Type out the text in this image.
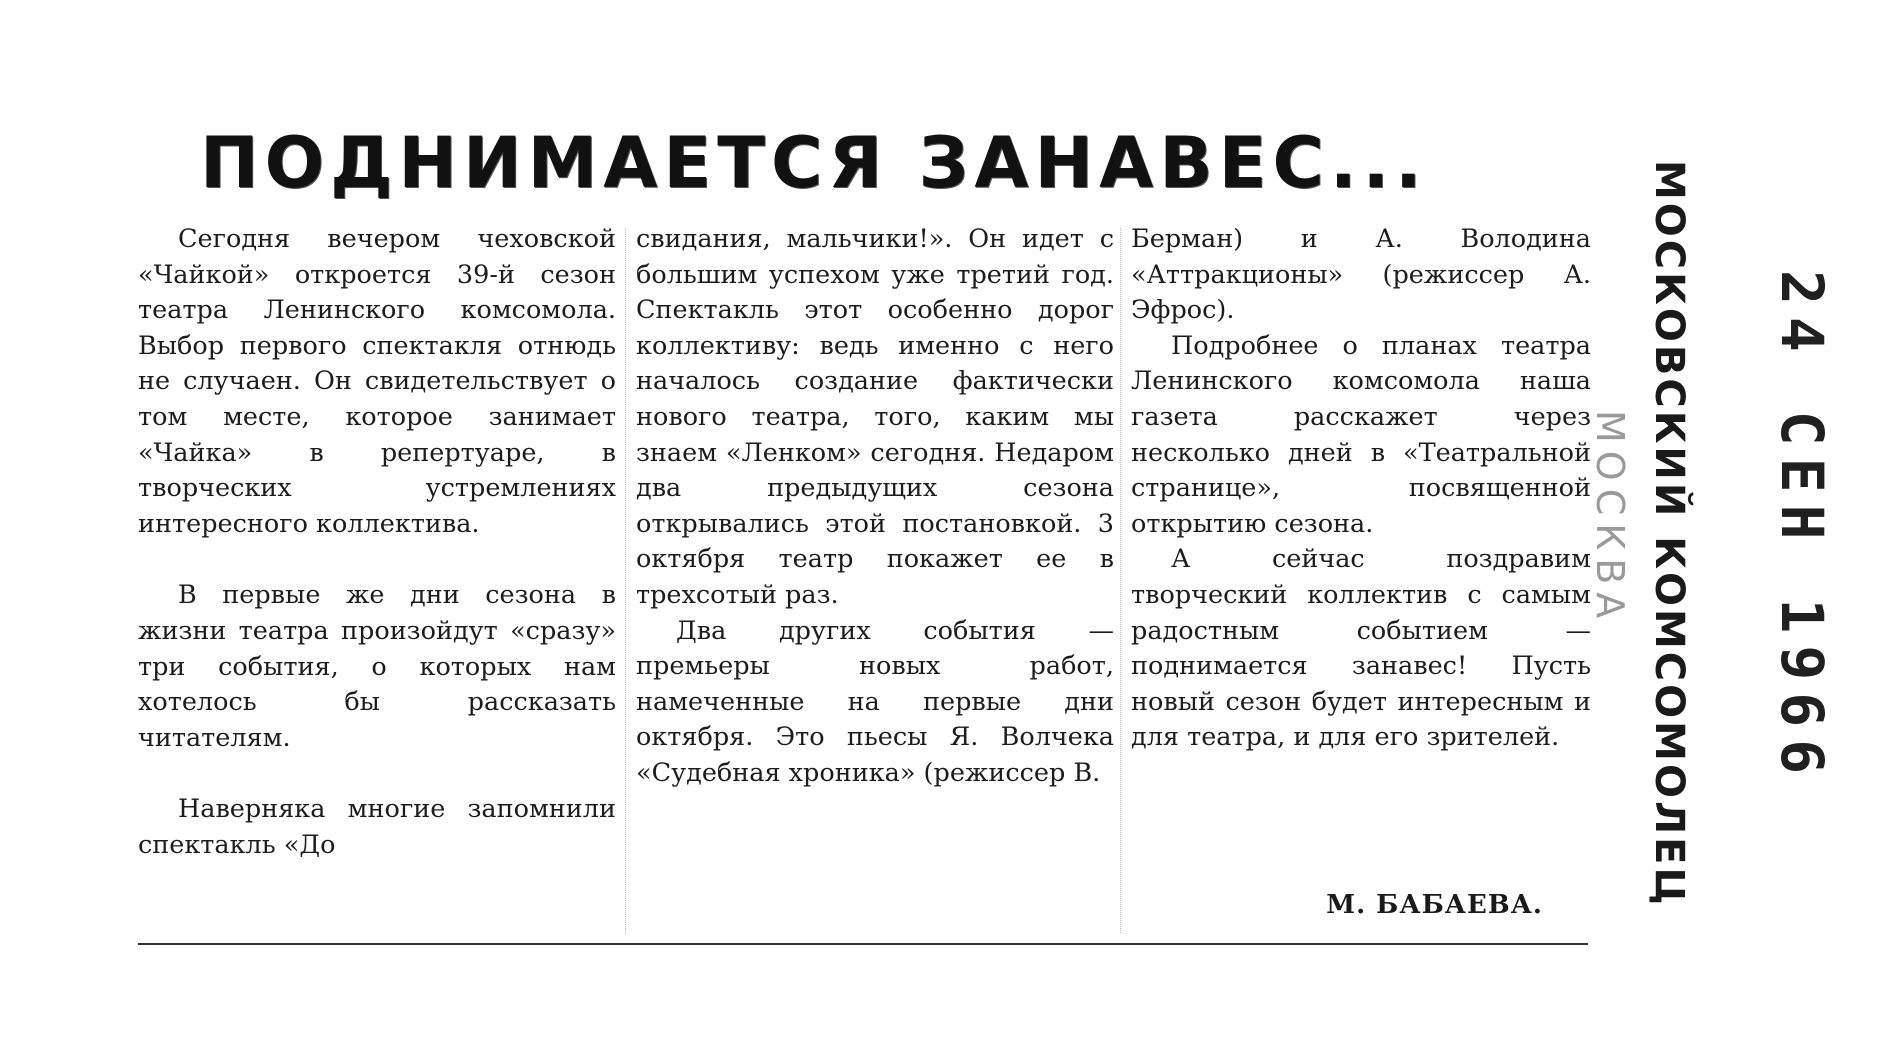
ПОДНИМАЕТСЯ ЗАНАВЕС...

Сегодня вечером чеховской «Чайкой» откроется 39-й сезон театра Ленинского комсомола. Выбор первого спектакля отнюдь не случаен. Он свидетельствует о том месте, которое занимает «Чайка» в репертуаре, в творческих устремлениях интересного коллектива.

В первые же дни сезона в жизни театра произойдут «сразу» три события, о которых нам хотелось бы рассказать читателям.

Наверняка многие запомнили спектакль «До

свидания, мальчики!». Он идет с большим успехом уже третий год. Спектакль этот особенно дорог коллективу: ведь именно с него началось создание фактически нового театра, того, каким мы знаем «Ленком» сегодня. Недаром два предыдущих сезона открывались этой постановкой. 3 октября театр покажет ее в трехсотый раз.

Два других события — премьеры новых работ, намеченные на первые дни октября. Это пьесы Я. Волчека «Судебная хроника» (режиссер В.

Берман) и А. Володина «Аттракционы» (режиссер А. Эфрос).

Подробнее о планах театра Ленинского комсомола наша газета расскажет через несколько дней в «Театральной странице», посвященной открытию сезона.

А сейчас поздравим творческий коллектив с самым радостным событием — поднимается занавес! Пусть новый сезон будет интересным и для театра, и для его зрителей.

М. БАБАЕВА.	МОСКОВСКИЙ КОМСОМОЛЕЦ
МОСКВА 24 СЕН 1966
